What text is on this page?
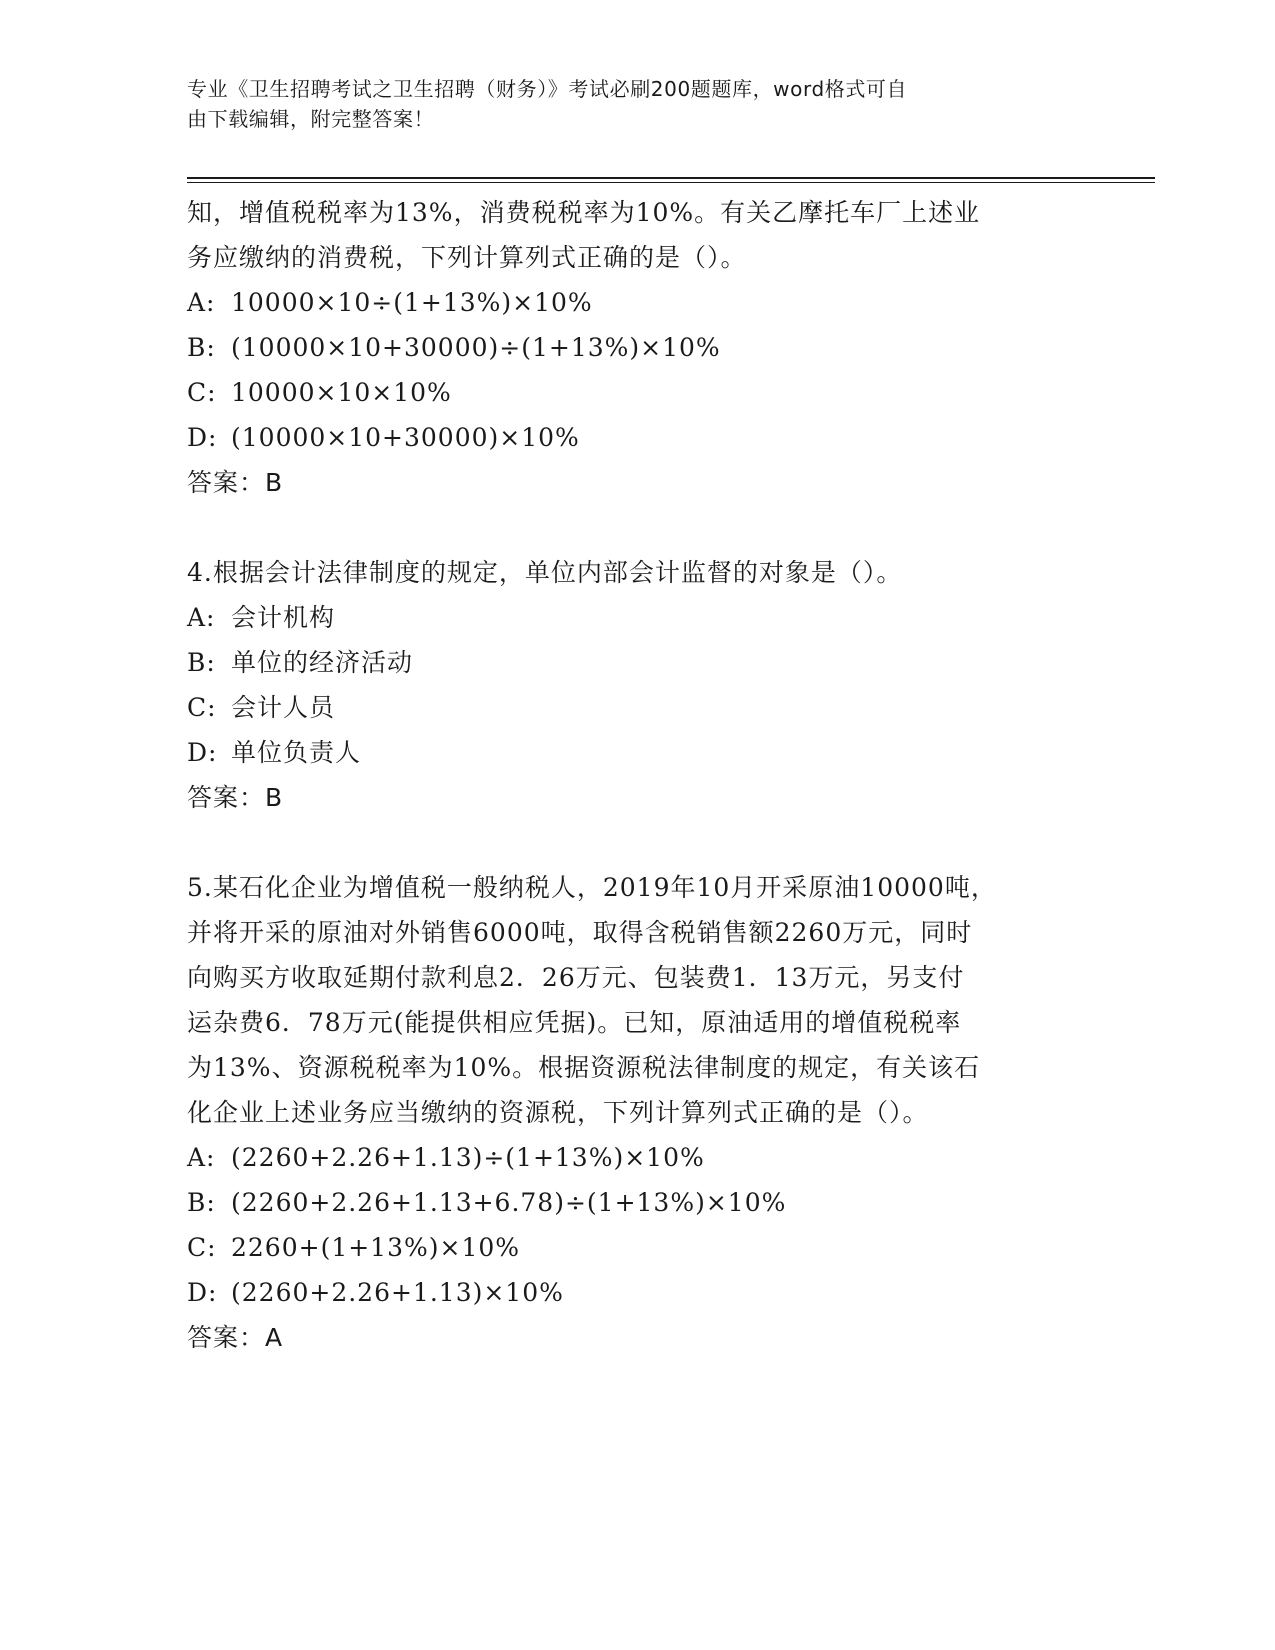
专业《卫生招聘考试之卫生招聘（财务）》考试必刷200题题库，word格式可自
由下载编辑，附完整答案！
知，增值税税率为13%，消费税税率为10%。有关乙摩托车厂上述业
务应缴纳的消费税，下列计算列式正确的是（）。
A: 10000×10÷(1+13%)×10%
B: (10000×10+30000)÷(1+13%)×10%
C: 10000×10×10%
D: (10000×10+30000)×10%
答案：B
4.根据会计法律制度的规定，单位内部会计监督的对象是（）。
A: 会计机构
B: 单位的经济活动
C: 会计人员
D: 单位负责人
答案：B
5.某石化企业为增值税一般纳税人，2019年10月开采原油10000吨，
并将开采的原油对外销售6000吨，取得含税销售额2260万元，同时
向购买方收取延期付款利息2．26万元、包装费1．13万元，另支付
运杂费6．78万元(能提供相应凭据)。已知，原油适用的增值税税率
为13%、资源税税率为10%。根据资源税法律制度的规定，有关该石
化企业上述业务应当缴纳的资源税，下列计算列式正确的是（）。
A: (2260+2.26+1.13)÷(1+13%)×10%
B: (2260+2.26+1.13+6.78)÷(1+13%)×10%
C: 2260+(1+13%)×10%
D: (2260+2.26+1.13)×10%
答案：A
